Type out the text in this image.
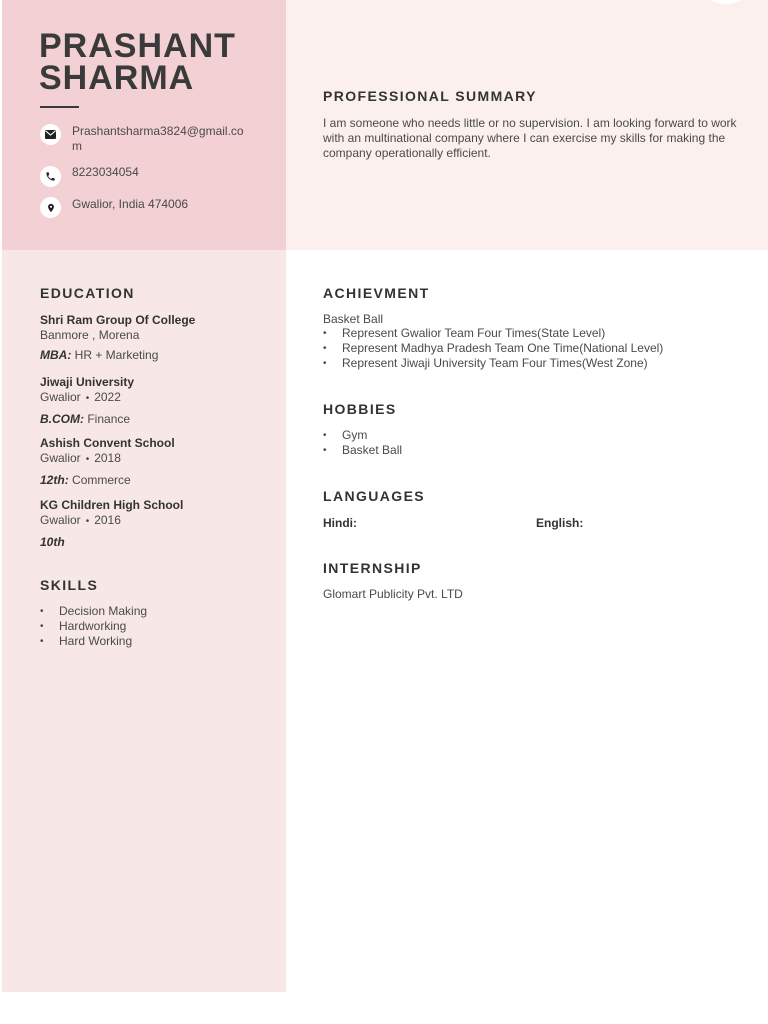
PRASHANT
SHARMA
Prashantsharma3824@gmail.com
8223034054
Gwalior, India 474006
PROFESSIONAL SUMMARY
I am someone who needs little or no supervision. I am looking forward to work with an multinational company where I can exercise my skills for making the company operationally efficient.
EDUCATION
Shri Ram Group Of College
Banmore , Morena
MBA: HR + Marketing
Jiwaji University
Gwalior • 2022
B.COM: Finance
Ashish Convent School
Gwalior • 2018
12th: Commerce
KG Children High School
Gwalior • 2016
10th
SKILLS
• Decision Making
• Hardworking
• Hard Working
ACHIEVMENT
Basket Ball
• Represent Gwalior Team Four Times(State Level)
• Represent Madhya Pradesh Team One Time(National Level)
• Represent Jiwaji University Team Four Times(West Zone)
HOBBIES
• Gym
• Basket Ball
LANGUAGES
Hindi:	English:
INTERNSHIP
Glomart Publicity Pvt. LTD
